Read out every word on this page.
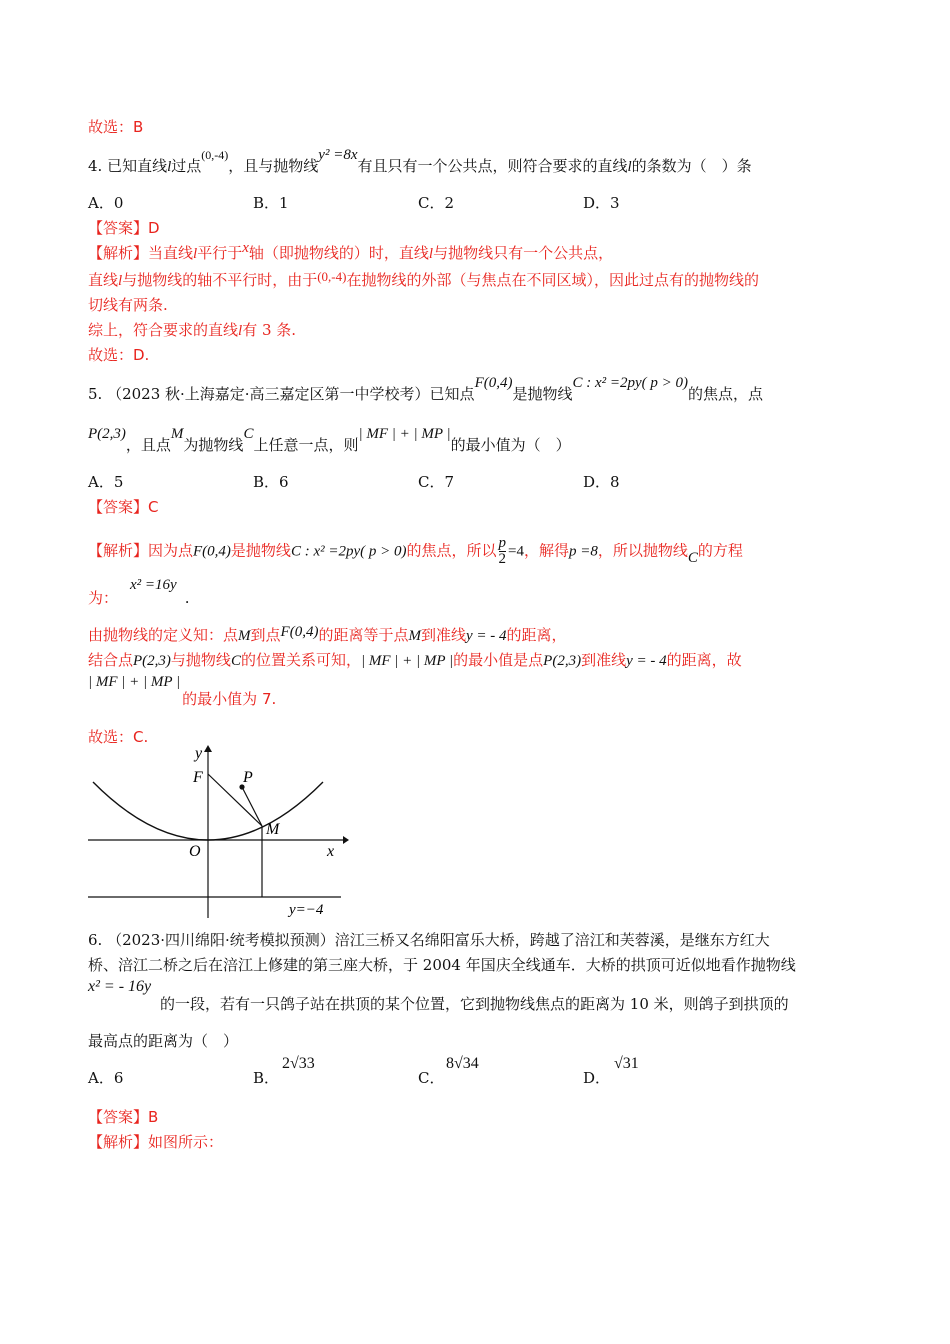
故选：B
4. 已知直线l过点$^{(0,-4)}$，且与抛物线y² =8x有且只有一个公共点，则符合要求的直线l的条数为（　）条
A．0	B．1	C．2	D．3
【答案】D
【解析】当直线l平行于x轴（即抛物线的）时，直线l与抛物线只有一个公共点，
直线l与抛物线的轴不平行时，由于(0,-4)在抛物线的外部（与焦点在不同区域），因此过点有的抛物线的
切线有两条.
综上，符合要求的直线l有 3 条.
故选：D.
5. （2023 秋·上海嘉定·高三嘉定区第一中学校考）已知点F(0,4)是抛物线C : x² =2py( p > 0)的焦点，点
P(2,3)，且点M为抛物线C上任意一点，则| MF | + | MP |的最小值为（　）
A．5	B．6	C．7	D．8
【答案】C
【解析】因为点F(0,4)是抛物线C : x² =2py( p > 0)的焦点，所以 $\frac{p}{2} =4$，解得p =8，所以抛物线C的方程
为：x² =16y.
由抛物线的定义知：点M到点F(0,4)的距离等于点M到准线y = - 4的距离，
结合点P(2,3)与抛物线C的位置关系可知，| MF | + | MP |的最小值是点P(2,3)到准线y = - 4的距离，故
| MF | + | MP |的最小值为 7.
故选：C.
y
x
O
F	P
M
y=−4
6. （2023·四川绵阳·统考模拟预测）涪江三桥又名绵阳富乐大桥，跨越了涪江和芙蓉溪，是继东方红大
桥、涪江二桥之后在涪江上修建的第三座大桥，于 2004 年国庆全线通车．大桥的拱顶可近似地看作抛物线
x² = - 16y
的一段，若有一只鸽子站在拱顶的某个位置，它到抛物线焦点的距离为 10 米，则鸽子到拱顶的
最高点的距离为（　）
A．6	B．
2√33
C．
8√34
D．
√31
【答案】B
【解析】如图所示：
